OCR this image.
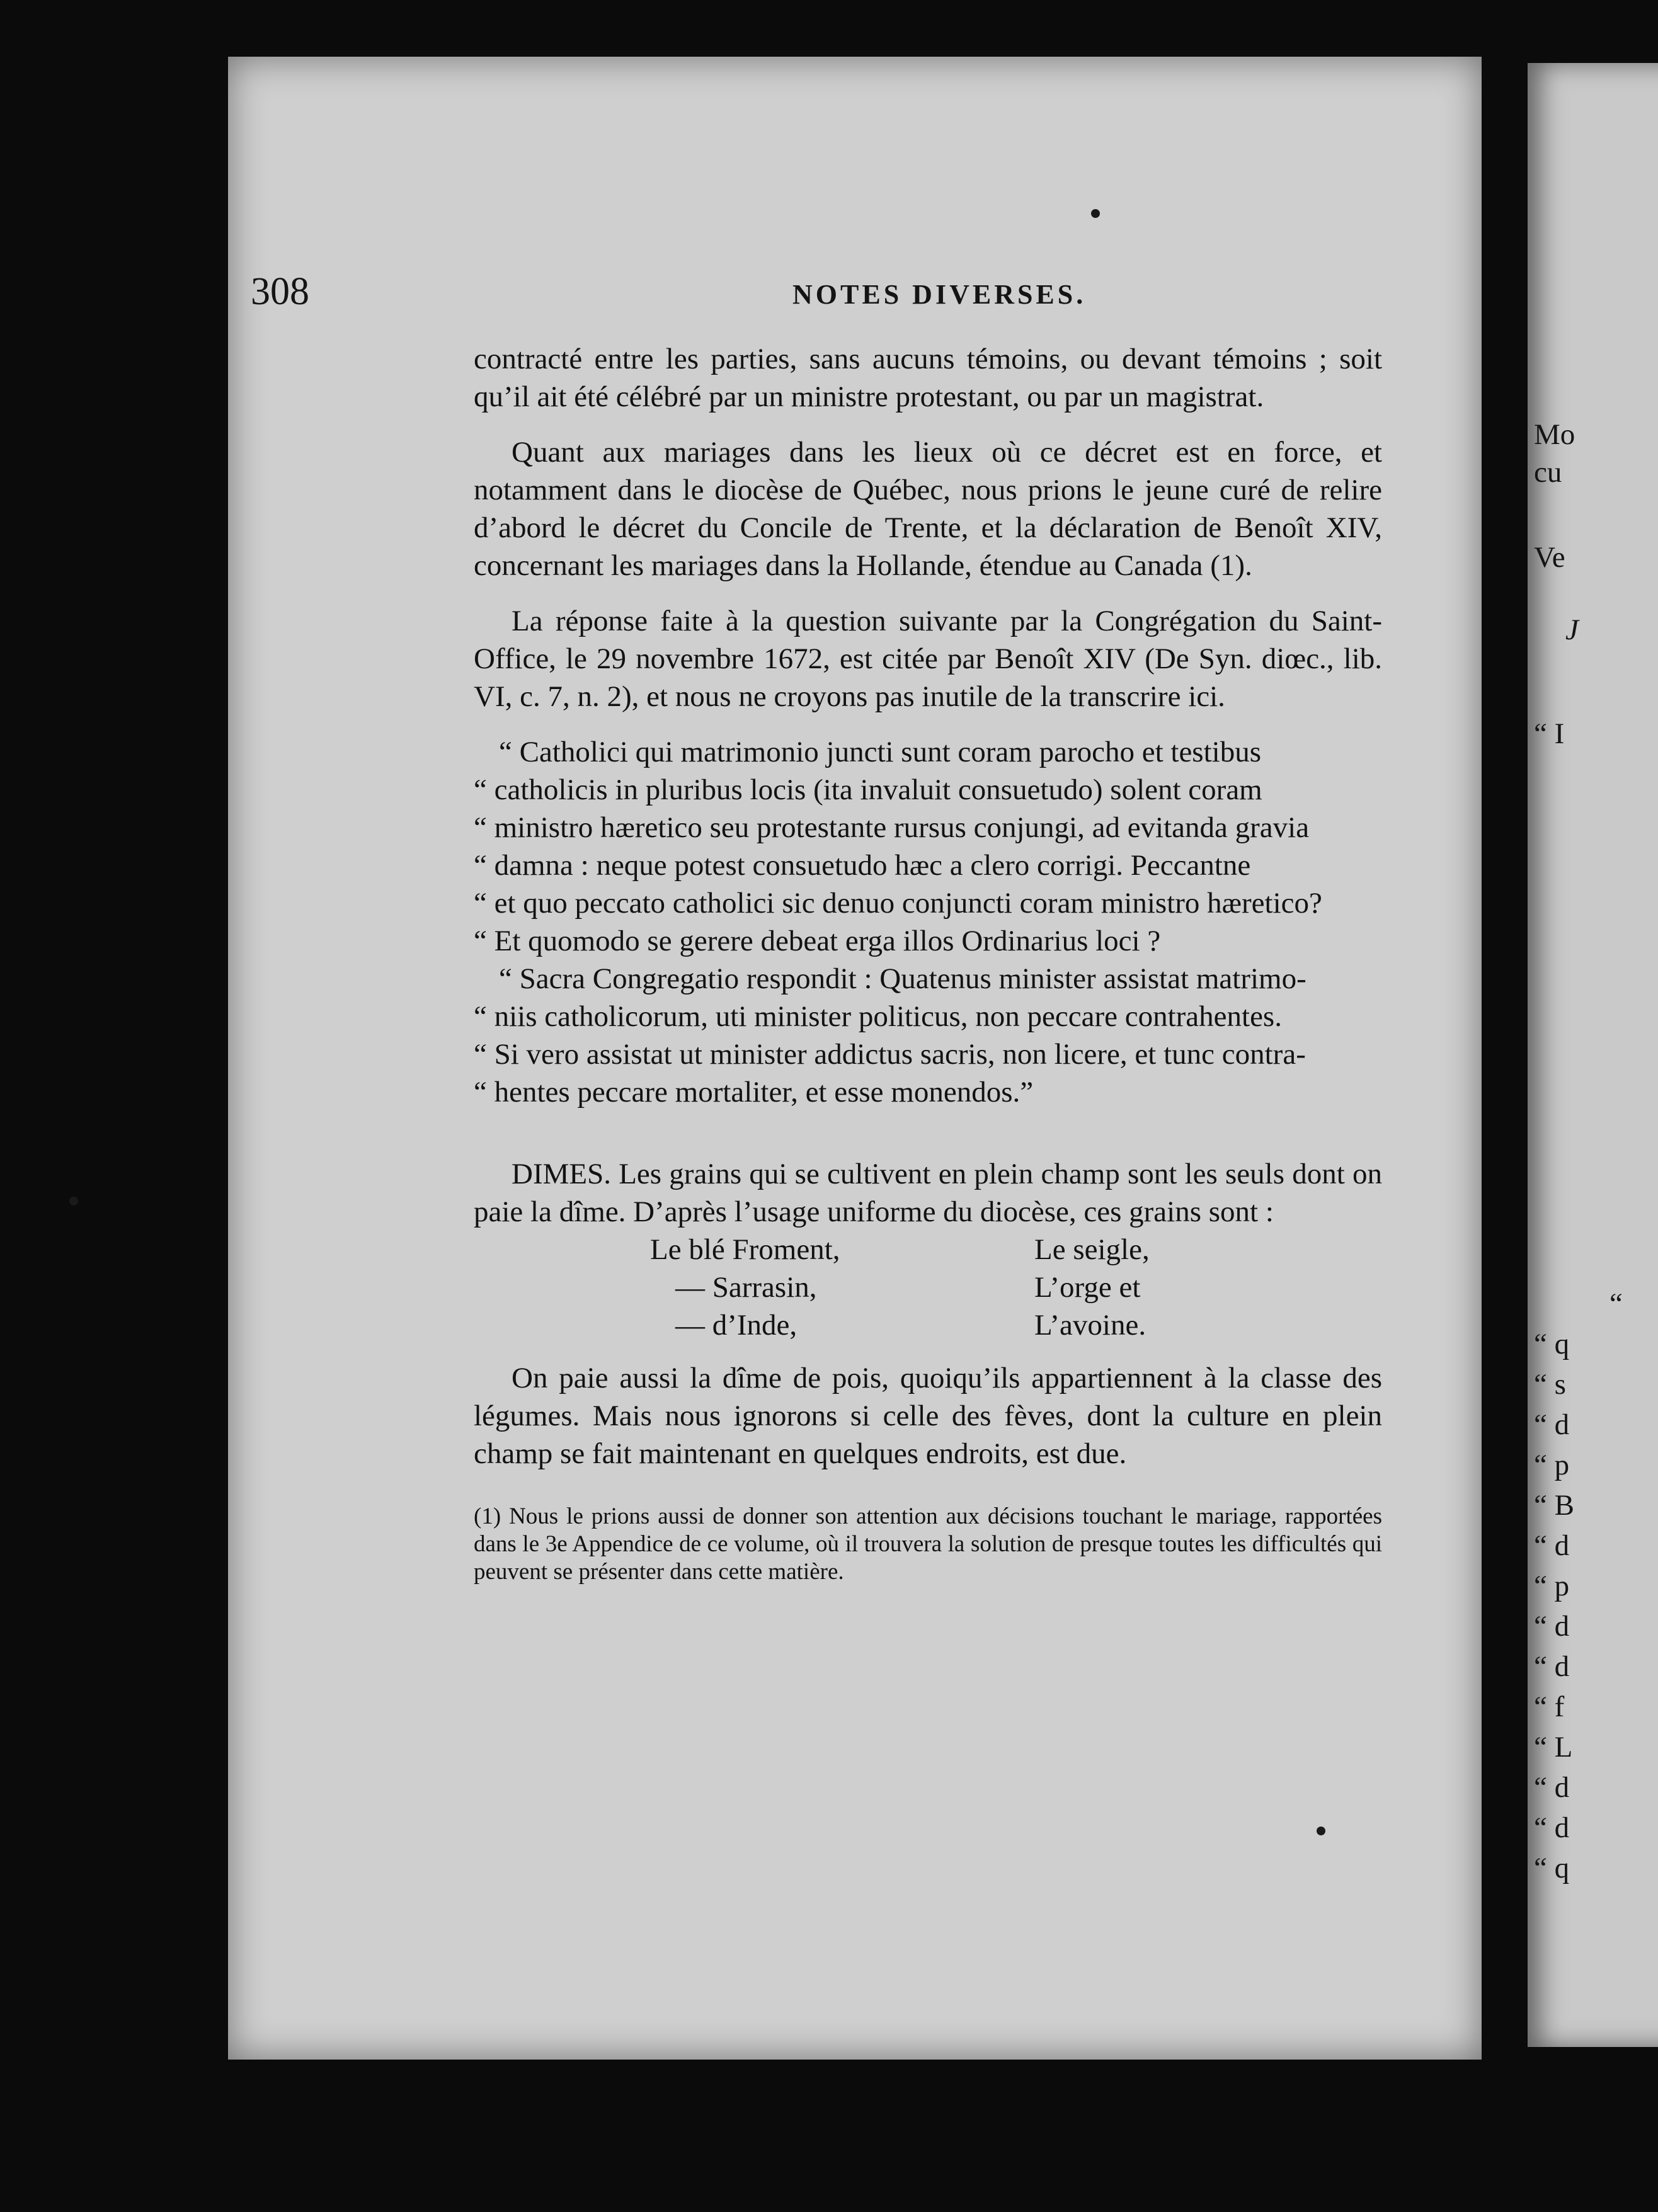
Mo
cu
Ve
J
“ I
“
“ q
“ s
“ d
“ p
“ B
“ d
“ p
“ d
“ d
“ f
“ L
“ d
“ d
“ q
308	NOTES DIVERSES.

contracté entre les parties, sans aucuns témoins, ou devant témoins ; soit qu’il ait été célébré par un ministre protestant, ou par un magistrat.

Quant aux mariages dans les lieux où ce décret est en force, et notamment dans le diocèse de Québec, nous prions le jeune curé de relire d’abord le décret du Concile de Trente, et la déclaration de Benoît XIV, concernant les mariages dans la Hollande, étendue au Canada (1).

La réponse faite à la question suivante par la Congrégation du Saint-Office, le 29 novembre 1672, est citée par Benoît XIV (De Syn. diœc., lib. VI, c. 7, n. 2), et nous ne croyons pas inutile de la transcrire ici.

“ Catholici qui matrimonio juncti sunt coram parocho et testibus

“ catholicis in pluribus locis (ita invaluit consuetudo) solent coram

“ ministro hæretico seu protestante rursus conjungi, ad evitanda gravia

“ damna : neque potest consuetudo hæc a clero corrigi. Peccantne

“ et quo peccato catholici sic denuo conjuncti coram ministro hæretico?

“ Et quomodo se gerere debeat erga illos Ordinarius loci ?

“ Sacra Congregatio respondit : Quatenus minister assistat matrimo-

“ niis catholicorum, uti minister politicus, non peccare contrahentes.

“ Si vero assistat ut minister addictus sacris, non licere, et tunc contra-

“ hentes peccare mortaliter, et esse monendos.”

DIMES. Les grains qui se cultivent en plein champ sont les seuls dont on paie la dîme. D’après l’usage uniforme du diocèse, ces grains sont :

Le blé Froment,	Le seigle,
— Sarrasin,	L’orge et
— d’Inde,	L’avoine.

On paie aussi la dîme de pois, quoiqu’ils appartiennent à la classe des légumes. Mais nous ignorons si celle des fèves, dont la culture en plein champ se fait maintenant en quelques endroits, est due.

(1) Nous le prions aussi de donner son attention aux décisions touchant le mariage, rapportées dans le 3e Appendice de ce volume, où il trouvera la solution de presque toutes les difficultés qui peuvent se présenter dans cette matière.
